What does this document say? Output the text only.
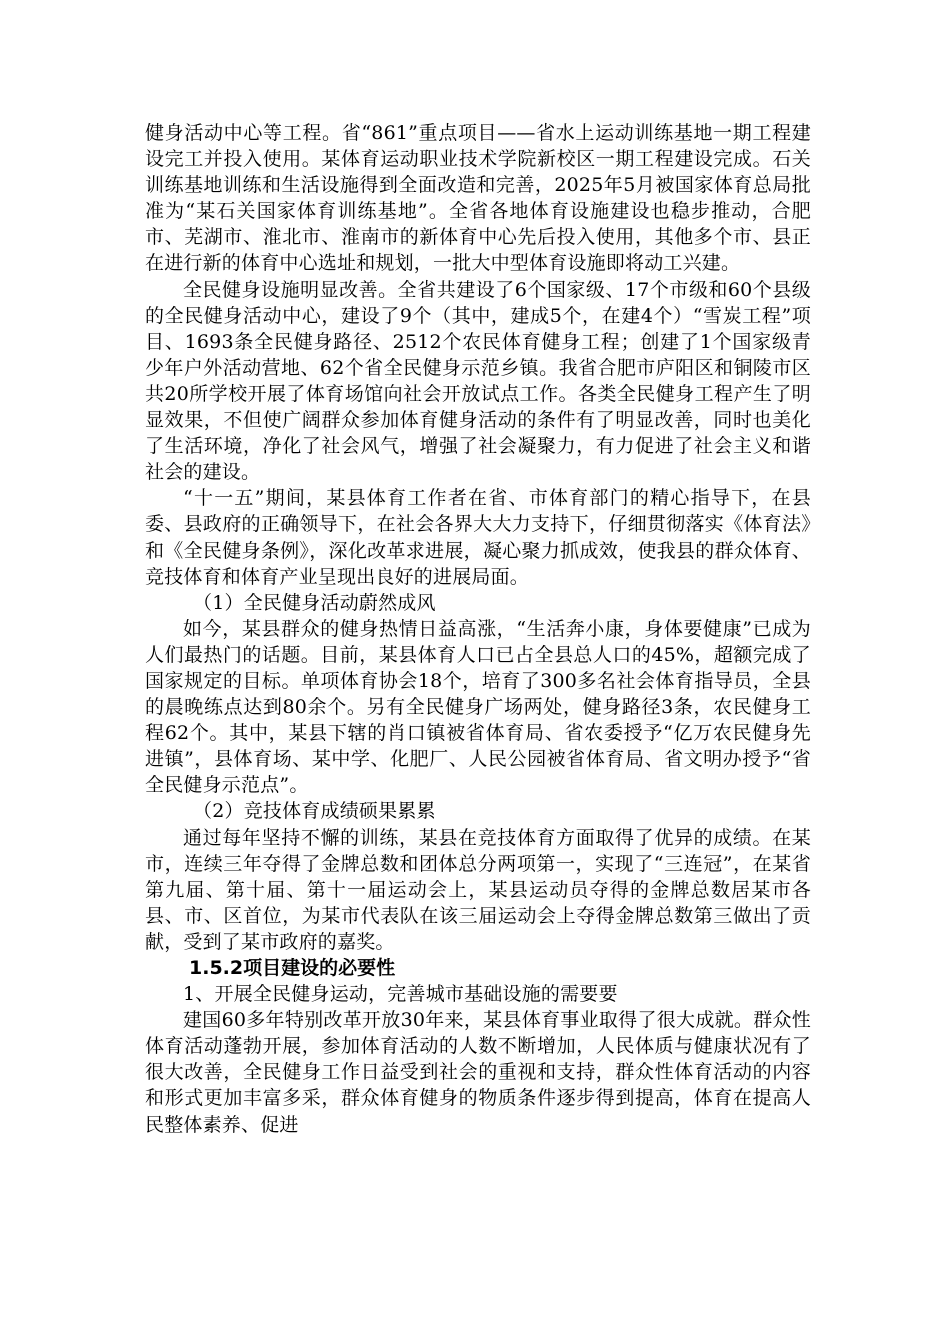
健身活动中心等工程。省“861”重点项目——省水上运动训练基地一期工程建设完工并投入使用。某体育运动职业技术学院新校区一期工程建设完成。石关训练基地训练和生活设施得到全面改造和完善，2025年5月被国家体育总局批准为“某石关国家体育训练基地”。全省各地体育设施建设也稳步推动，合肥市、芜湖市、淮北市、淮南市的新体育中心先后投入使用，其他多个市、县正在进行新的体育中心选址和规划，一批大中型体育设施即将动工兴建。

全民健身设施明显改善。全省共建设了6个国家级、17个市级和60个县级的全民健身活动中心，建设了9个（其中，建成5个，在建4个）“雪炭工程”项目、1693条全民健身路径、2512个农民体育健身工程；创建了1个国家级青少年户外活动营地、62个省全民健身示范乡镇。我省合肥市庐阳区和铜陵市区共20所学校开展了体育场馆向社会开放试点工作。各类全民健身工程产生了明显效果，不但使广阔群众参加体育健身活动的条件有了明显改善，同时也美化了生活环境，净化了社会风气，增强了社会凝聚力，有力促进了社会主义和谐社会的建设。

“十一五”期间，某县体育工作者在省、市体育部门的精心指导下，在县委、县政府的正确领导下，在社会各界大大力支持下，仔细贯彻落实《体育法》和《全民健身条例》，深化改革求进展，凝心聚力抓成效，使我县的群众体育、竞技体育和体育产业呈现出良好的进展局面。

（1）全民健身活动蔚然成风

如今，某县群众的健身热情日益高涨，“生活奔小康，身体要健康”已成为人们最热门的话题。目前，某县体育人口已占全县总人口的45%，超额完成了国家规定的目标。单项体育协会18个，培育了300多名社会体育指导员，全县的晨晚练点达到80余个。另有全民健身广场两处，健身路径3条，农民健身工程62个。其中，某县下辖的肖口镇被省体育局、省农委授予“亿万农民健身先进镇”，县体育场、某中学、化肥厂、人民公园被省体育局、省文明办授予“省全民健身示范点”。

（2）竞技体育成绩硕果累累

通过每年坚持不懈的训练，某县在竞技体育方面取得了优异的成绩。在某市，连续三年夺得了金牌总数和团体总分两项第一，实现了“三连冠”，在某省第九届、第十届、第十一届运动会上，某县运动员夺得的金牌总数居某市各县、市、区首位，为某市代表队在该三届运动会上夺得金牌总数第三做出了贡献，受到了某市政府的嘉奖。

1.5.2项目建设的必要性

1、开展全民健身运动，完善城市基础设施的需要要

建国60多年特别改革开放30年来，某县体育事业取得了很大成就。群众性体育活动蓬勃开展，参加体育活动的人数不断增加，人民体质与健康状况有了很大改善，全民健身工作日益受到社会的重视和支持，群众性体育活动的内容和形式更加丰富多采，群众体育健身的物质条件逐步得到提高，体育在提高人民整体素养、促进
